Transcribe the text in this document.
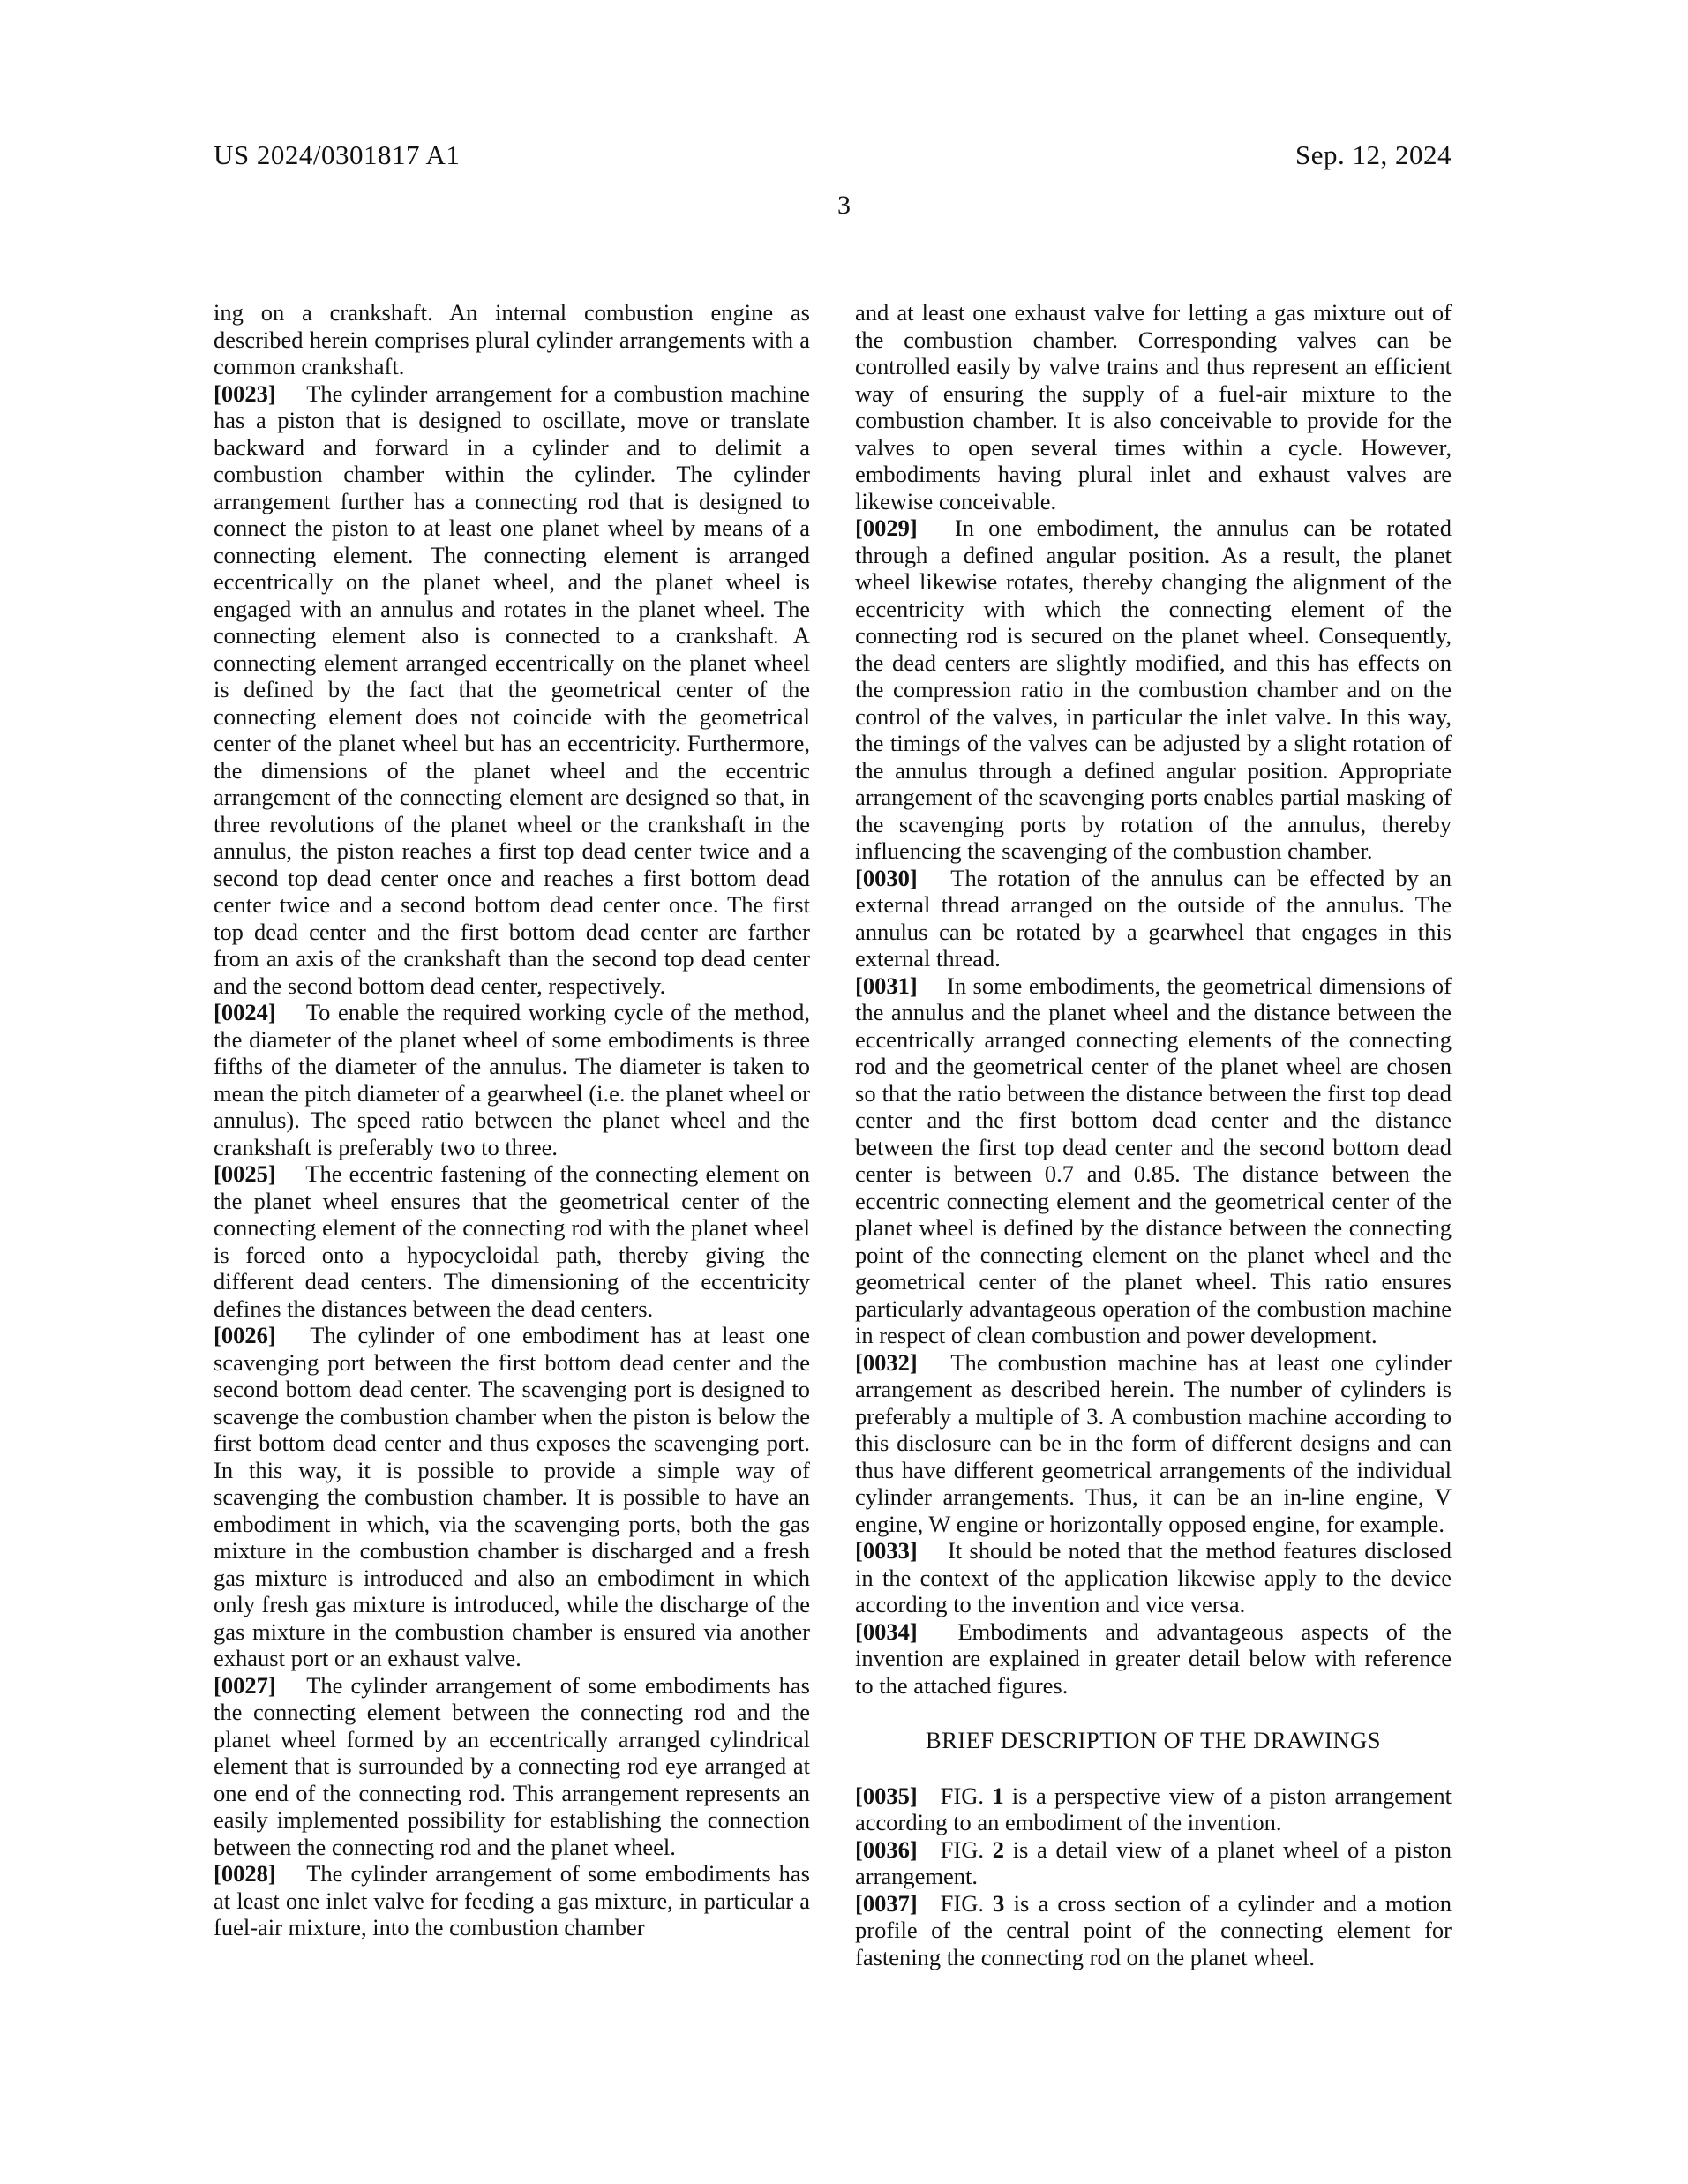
US 2024/0301817 A1	Sep. 12, 2024
3

ing on a crankshaft. An internal combustion engine as described herein comprises plural cylinder arrangements with a common crankshaft.

[0023] The cylinder arrangement for a combustion machine has a piston that is designed to oscillate, move or translate backward and forward in a cylinder and to delimit a combustion chamber within the cylinder. The cylinder arrangement further has a connecting rod that is designed to connect the piston to at least one planet wheel by means of a connecting element. The connecting element is arranged eccentrically on the planet wheel, and the planet wheel is engaged with an annulus and rotates in the planet wheel. The connecting element also is connected to a crankshaft. A connecting element arranged eccentrically on the planet wheel is defined by the fact that the geometrical center of the connecting element does not coincide with the geometrical center of the planet wheel but has an eccentricity. Furthermore, the dimensions of the planet wheel and the eccentric arrangement of the connecting element are designed so that, in three revolutions of the planet wheel or the crankshaft in the annulus, the piston reaches a first top dead center twice and a second top dead center once and reaches a first bottom dead center twice and a second bottom dead center once. The first top dead center and the first bottom dead center are farther from an axis of the crankshaft than the second top dead center and the second bottom dead center, respectively.

[0024] To enable the required working cycle of the method, the diameter of the planet wheel of some embodiments is three fifths of the diameter of the annulus. The diameter is taken to mean the pitch diameter of a gearwheel (i.e. the planet wheel or annulus). The speed ratio between the planet wheel and the crankshaft is preferably two to three.

[0025] The eccentric fastening of the connecting element on the planet wheel ensures that the geometrical center of the connecting element of the connecting rod with the planet wheel is forced onto a hypocycloidal path, thereby giving the different dead centers. The dimensioning of the eccentricity defines the distances between the dead centers.

[0026] The cylinder of one embodiment has at least one scavenging port between the first bottom dead center and the second bottom dead center. The scavenging port is designed to scavenge the combustion chamber when the piston is below the first bottom dead center and thus exposes the scavenging port. In this way, it is possible to provide a simple way of scavenging the combustion chamber. It is possible to have an embodiment in which, via the scavenging ports, both the gas mixture in the combustion chamber is discharged and a fresh gas mixture is introduced and also an embodiment in which only fresh gas mixture is introduced, while the discharge of the gas mixture in the combustion chamber is ensured via another exhaust port or an exhaust valve.

[0027] The cylinder arrangement of some embodiments has the connecting element between the connecting rod and the planet wheel formed by an eccentrically arranged cylindrical element that is surrounded by a connecting rod eye arranged at one end of the connecting rod. This arrangement represents an easily implemented possibility for establishing the connection between the connecting rod and the planet wheel.

[0028] The cylinder arrangement of some embodiments has at least one inlet valve for feeding a gas mixture, in particular a fuel-air mixture, into the combustion chamber

and at least one exhaust valve for letting a gas mixture out of the combustion chamber. Corresponding valves can be controlled easily by valve trains and thus represent an efficient way of ensuring the supply of a fuel-air mixture to the combustion chamber. It is also conceivable to provide for the valves to open several times within a cycle. However, embodiments having plural inlet and exhaust valves are likewise conceivable.

[0029] In one embodiment, the annulus can be rotated through a defined angular position. As a result, the planet wheel likewise rotates, thereby changing the alignment of the eccentricity with which the connecting element of the connecting rod is secured on the planet wheel. Consequently, the dead centers are slightly modified, and this has effects on the compression ratio in the combustion chamber and on the control of the valves, in particular the inlet valve. In this way, the timings of the valves can be adjusted by a slight rotation of the annulus through a defined angular position. Appropriate arrangement of the scavenging ports enables partial masking of the scavenging ports by rotation of the annulus, thereby influencing the scavenging of the combustion chamber.

[0030] The rotation of the annulus can be effected by an external thread arranged on the outside of the annulus. The annulus can be rotated by a gearwheel that engages in this external thread.

[0031] In some embodiments, the geometrical dimensions of the annulus and the planet wheel and the distance between the eccentrically arranged connecting elements of the connecting rod and the geometrical center of the planet wheel are chosen so that the ratio between the distance between the first top dead center and the first bottom dead center and the distance between the first top dead center and the second bottom dead center is between 0.7 and 0.85. The distance between the eccentric connecting element and the geometrical center of the planet wheel is defined by the distance between the connecting point of the connecting element on the planet wheel and the geometrical center of the planet wheel. This ratio ensures particularly advantageous operation of the combustion machine in respect of clean combustion and power development.

[0032] The combustion machine has at least one cylinder arrangement as described herein. The number of cylinders is preferably a multiple of 3. A combustion machine according to this disclosure can be in the form of different designs and can thus have different geometrical arrangements of the individual cylinder arrangements. Thus, it can be an in-line engine, V engine, W engine or horizontally opposed engine, for example.

[0033] It should be noted that the method features disclosed in the context of the application likewise apply to the device according to the invention and vice versa.

[0034] Embodiments and advantageous aspects of the invention are explained in greater detail below with reference to the attached figures.

BRIEF DESCRIPTION OF THE DRAWINGS

[0035] FIG. 1 is a perspective view of a piston arrangement according to an embodiment of the invention.

[0036] FIG. 2 is a detail view of a planet wheel of a piston arrangement.

[0037] FIG. 3 is a cross section of a cylinder and a motion profile of the central point of the connecting element for fastening the connecting rod on the planet wheel.
